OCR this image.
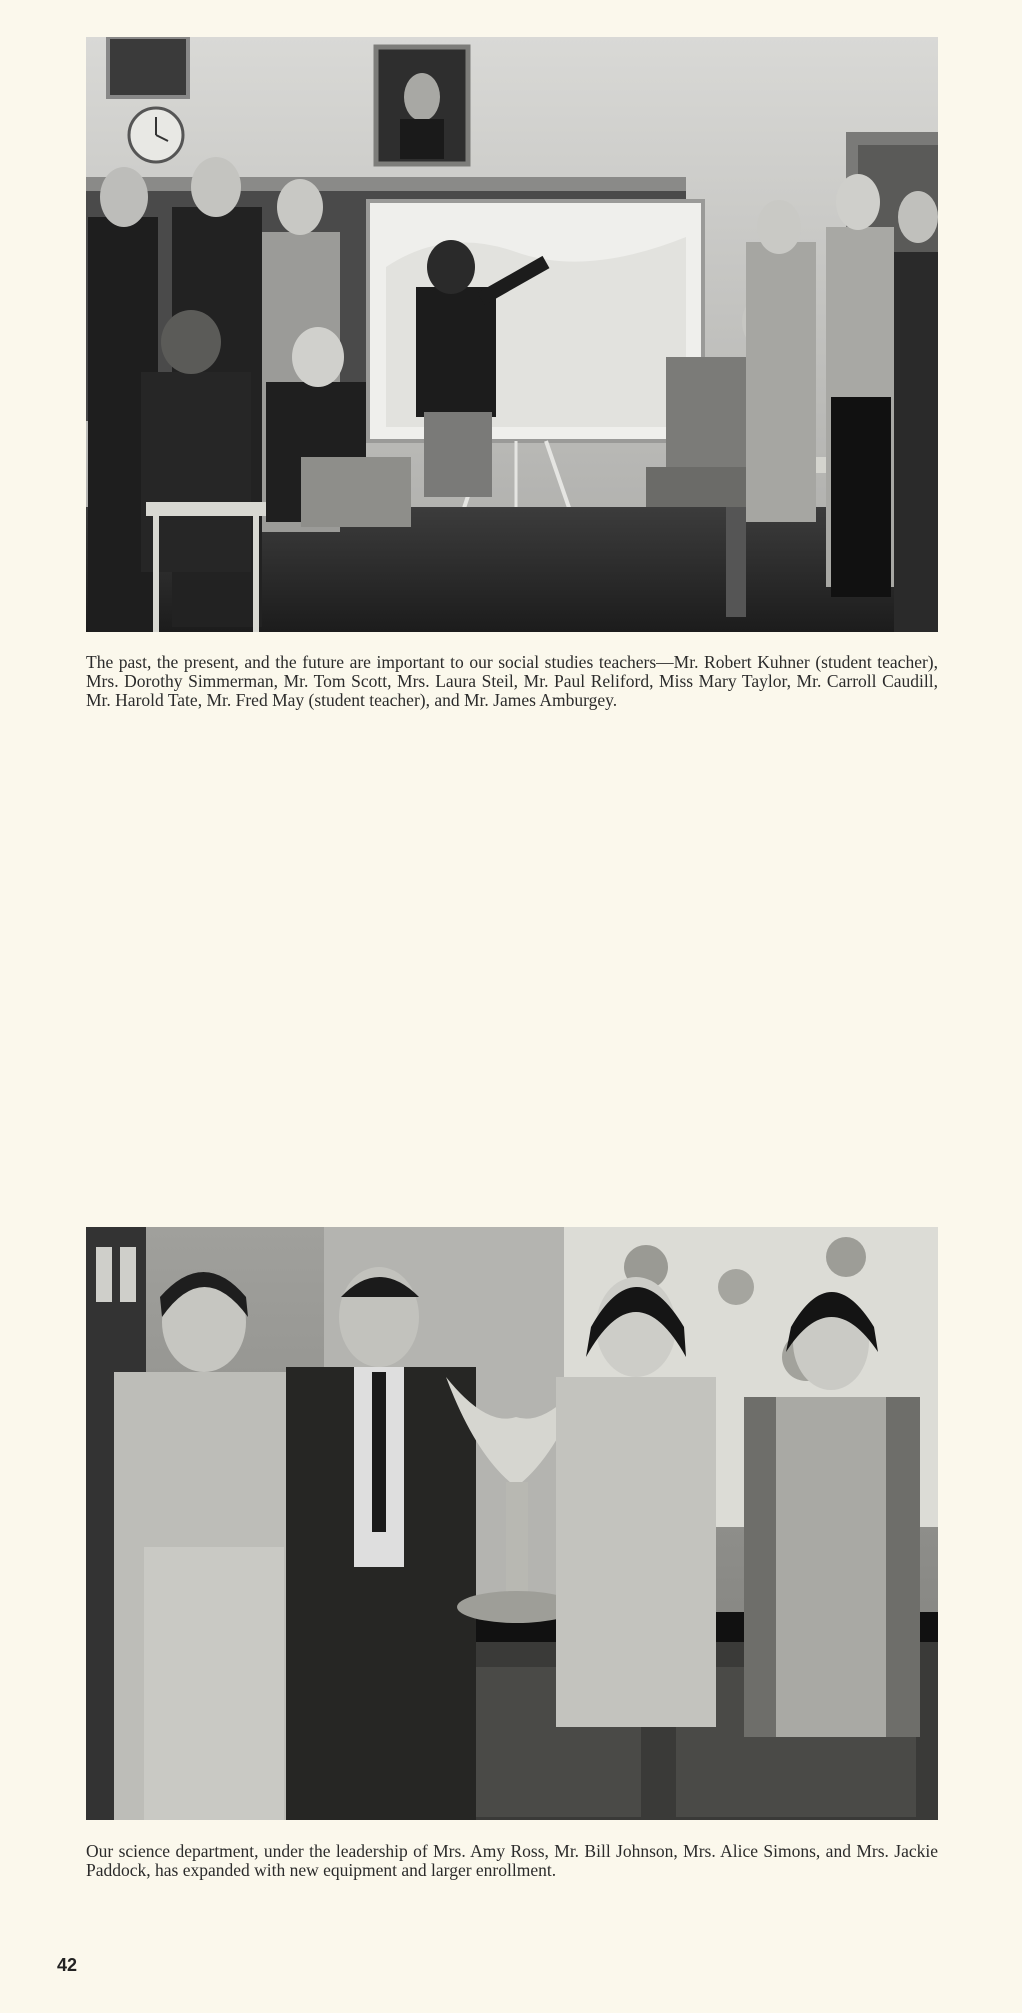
The past, the present, and the future are important to our social studies teachers—Mr. Robert Kuhner (student teacher), Mrs. Dorothy Simmerman, Mr. Tom Scott, Mrs. Laura Steil, Mr. Paul Reliford, Miss Mary Taylor, Mr. Carroll Caudill, Mr. Harold Tate, Mr. Fred May (student teacher), and Mr. James Amburgey.

Our science department, under the leadership of Mrs. Amy Ross, Mr. Bill Johnson, Mrs. Alice Simons, and Mrs. Jackie Paddock, has expanded with new equipment and larger enrollment.

42
